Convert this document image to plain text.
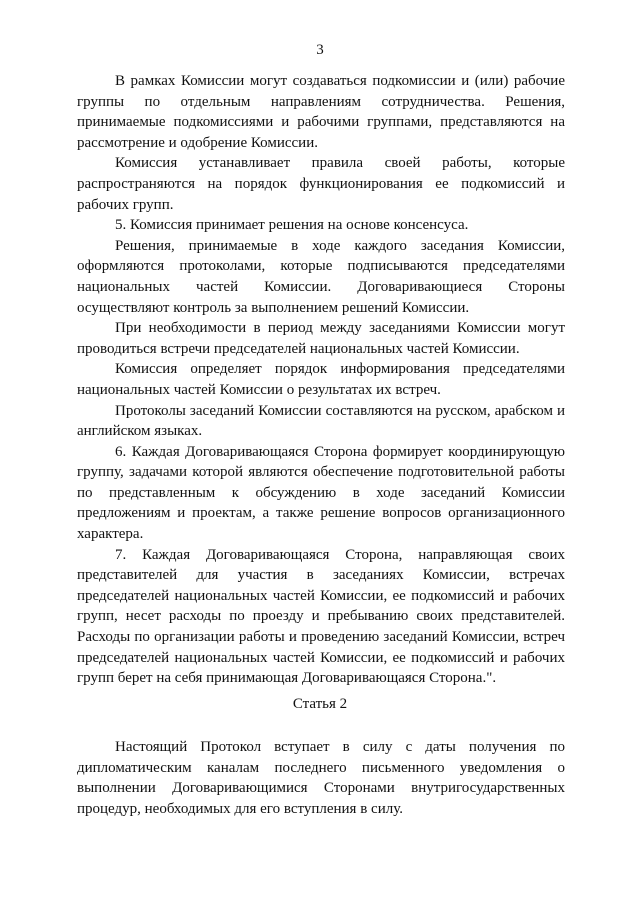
3

В рамках Комиссии могут создаваться подкомиссии и (или) рабочие группы по отдельным направлениям сотрудничества. Решения, принимаемые подкомиссиями и рабочими группами, представляются на рассмотрение и одобрение Комиссии.

Комиссия устанавливает правила своей работы, которые распространяются на порядок функционирования ее подкомиссий и рабочих групп.

5. Комиссия принимает решения на основе консенсуса.

Решения, принимаемые в ходе каждого заседания Комиссии, оформляются протоколами, которые подписываются председателями национальных частей Комиссии. Договаривающиеся Стороны осуществляют контроль за выполнением решений Комиссии.

При необходимости в период между заседаниями Комиссии могут проводиться встречи председателей национальных частей Комиссии.

Комиссия определяет порядок информирования председателями национальных частей Комиссии о результатах их встреч.

Протоколы заседаний Комиссии составляются на русском, арабском и английском языках.

6. Каждая Договаривающаяся Сторона формирует координирующую группу, задачами которой являются обеспечение подготовительной работы по представленным к обсуждению в ходе заседаний Комиссии предложениям и проектам, а также решение вопросов организационного характера.

7. Каждая Договаривающаяся Сторона, направляющая своих представителей для участия в заседаниях Комиссии, встречах председателей национальных частей Комиссии, ее подкомиссий и рабочих групп, несет расходы по проезду и пребыванию своих представителей. Расходы по организации работы и проведению заседаний Комиссии, встреч председателей национальных частей Комиссии, ее подкомиссий и рабочих групп берет на себя принимающая Договаривающаяся Сторона.".

Статья 2

Настоящий Протокол вступает в силу с даты получения по дипломатическим каналам последнего письменного уведомления о выполнении Договаривающимися Сторонами внутригосударственных процедур, необходимых для его вступления в силу.
